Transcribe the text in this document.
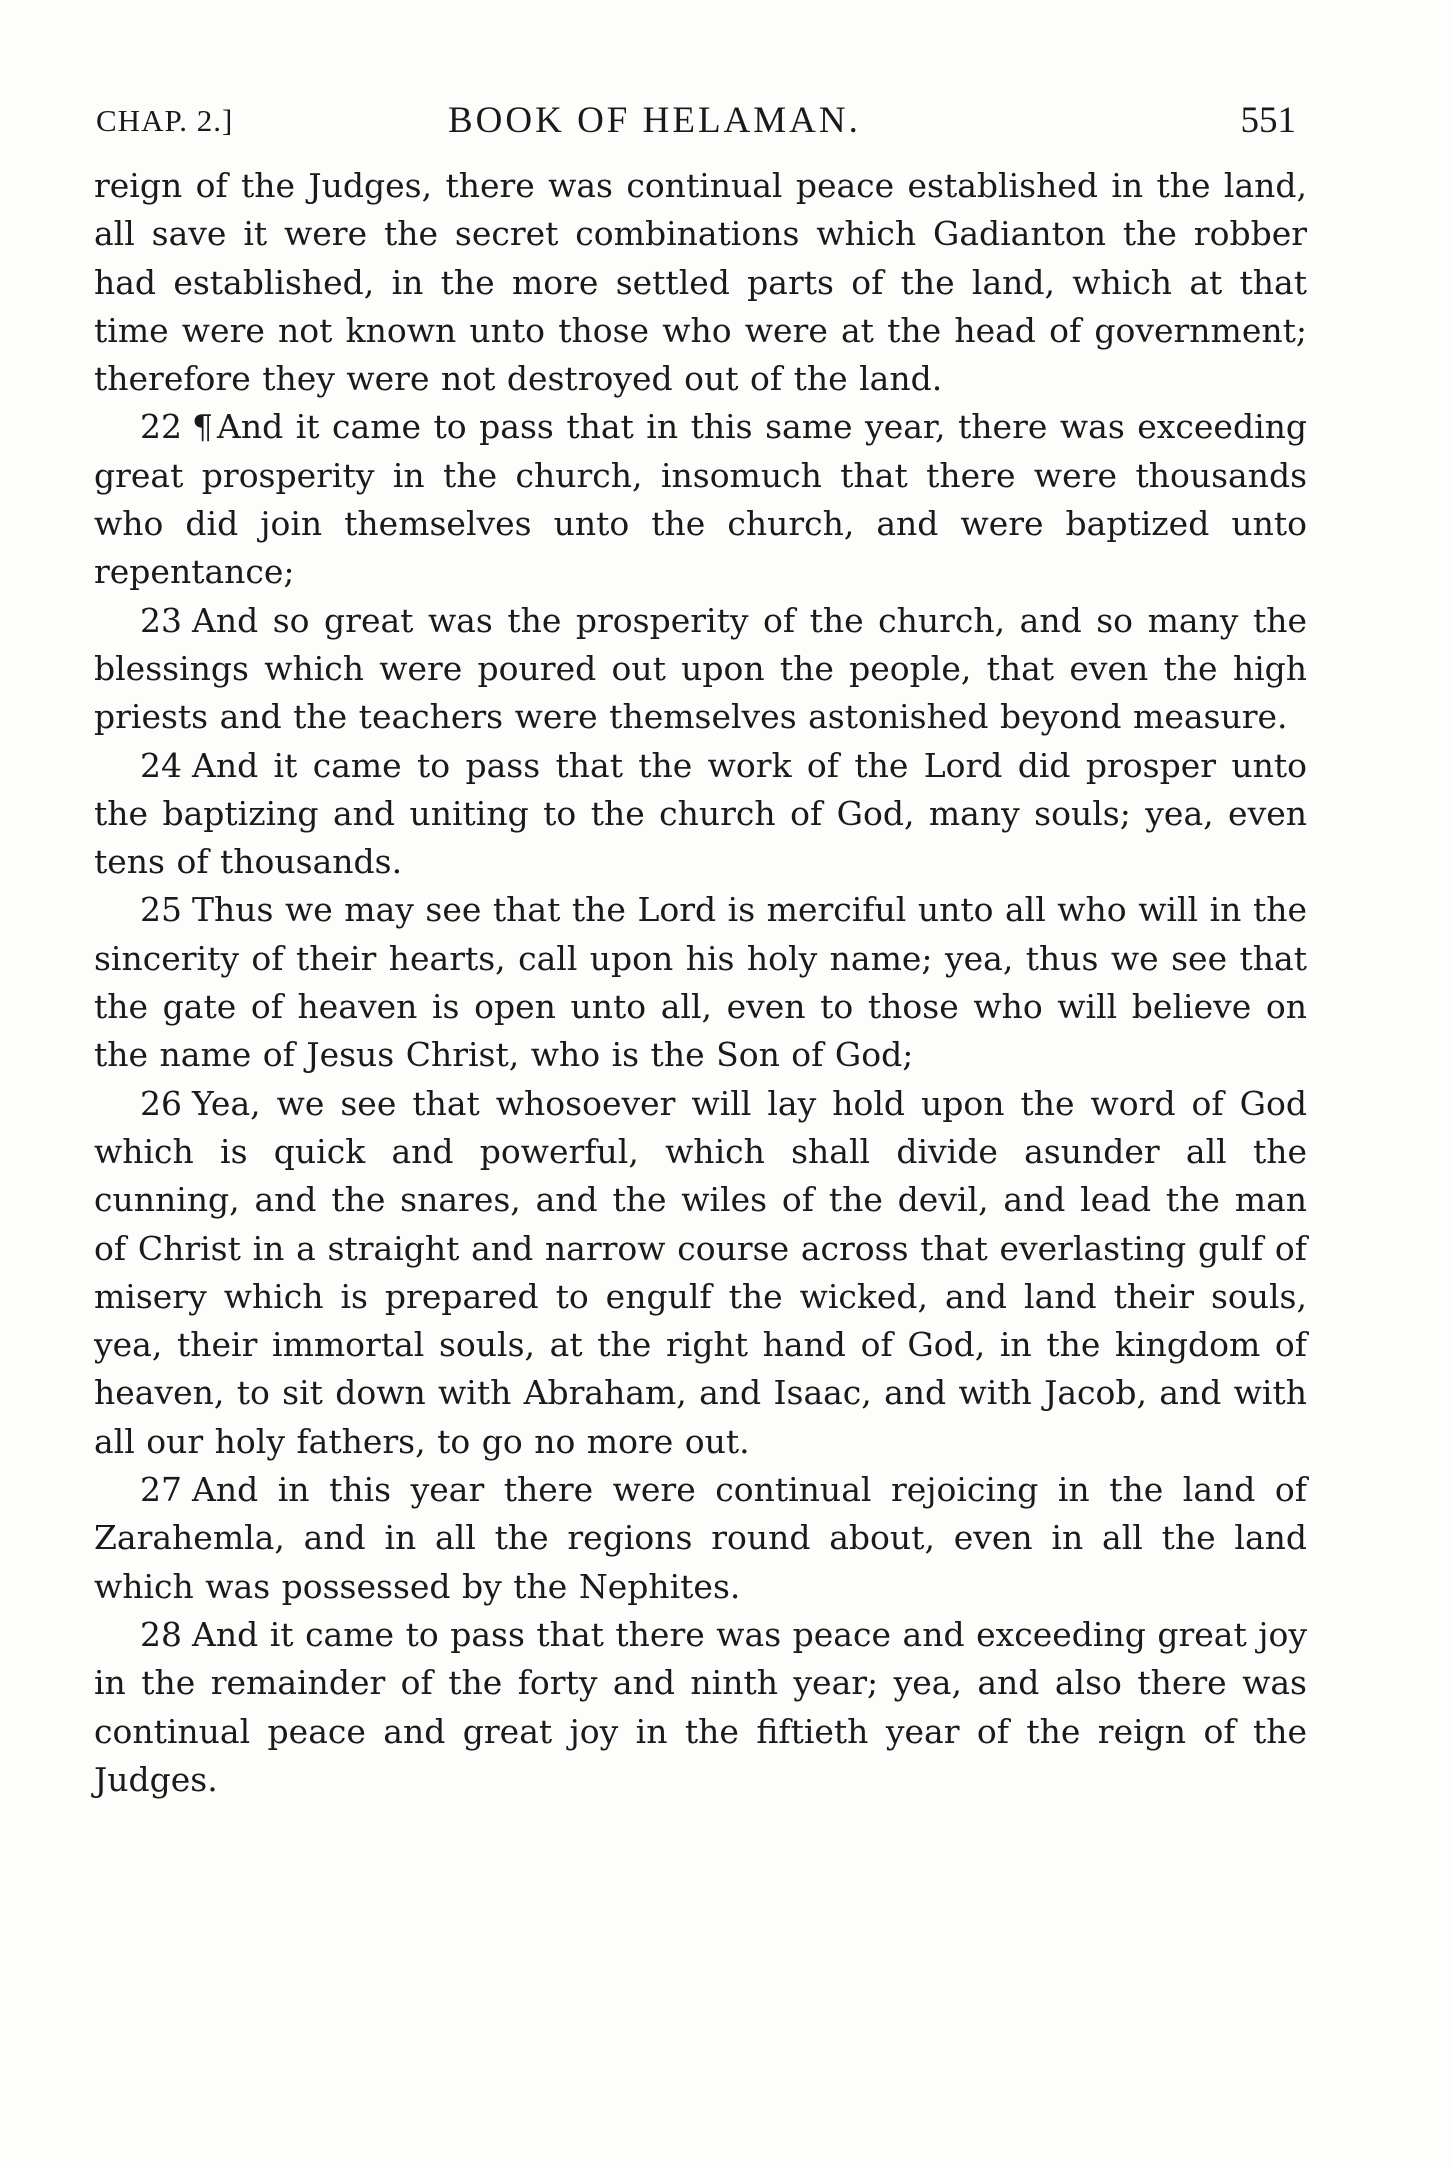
CHAP. 2.]	BOOK OF HELAMAN.	551

reign of the Judges, there was continual peace established in the land, all save it were the secret combinations which Gadianton the robber had established, in the more settled parts of the land, which at that time were not known unto those who were at the head of government; therefore they were not destroyed out of the land.

22 ¶ And it came to pass that in this same year, there was exceeding great prosperity in the church, insomuch that there were thousands who did join themselves unto the church, and were baptized unto repentance;

23 And so great was the prosperity of the church, and so many the blessings which were poured out upon the people, that even the high priests and the teachers were themselves astonished beyond measure.

24 And it came to pass that the work of the Lord did prosper unto the baptizing and uniting to the church of God, many souls; yea, even tens of thousands.

25 Thus we may see that the Lord is merciful unto all who will in the sincerity of their hearts, call upon his holy name; yea, thus we see that the gate of heaven is open unto all, even to those who will believe on the name of Jesus Christ, who is the Son of God;

26 Yea, we see that whosoever will lay hold upon the word of God which is quick and powerful, which shall divide asunder all the cunning, and the snares, and the wiles of the devil, and lead the man of Christ in a straight and narrow course across that everlasting gulf of misery which is prepared to engulf the wicked, and land their souls, yea, their immortal souls, at the right hand of God, in the kingdom of heaven, to sit down with Abraham, and Isaac, and with Jacob, and with all our holy fathers, to go no more out.

27 And in this year there were continual rejoicing in the land of Zarahemla, and in all the regions round about, even in all the land which was possessed by the Nephites.

28 And it came to pass that there was peace and exceeding great joy in the remainder of the forty and ninth year; yea, and also there was continual peace and great joy in the fiftieth year of the reign of the Judges.
